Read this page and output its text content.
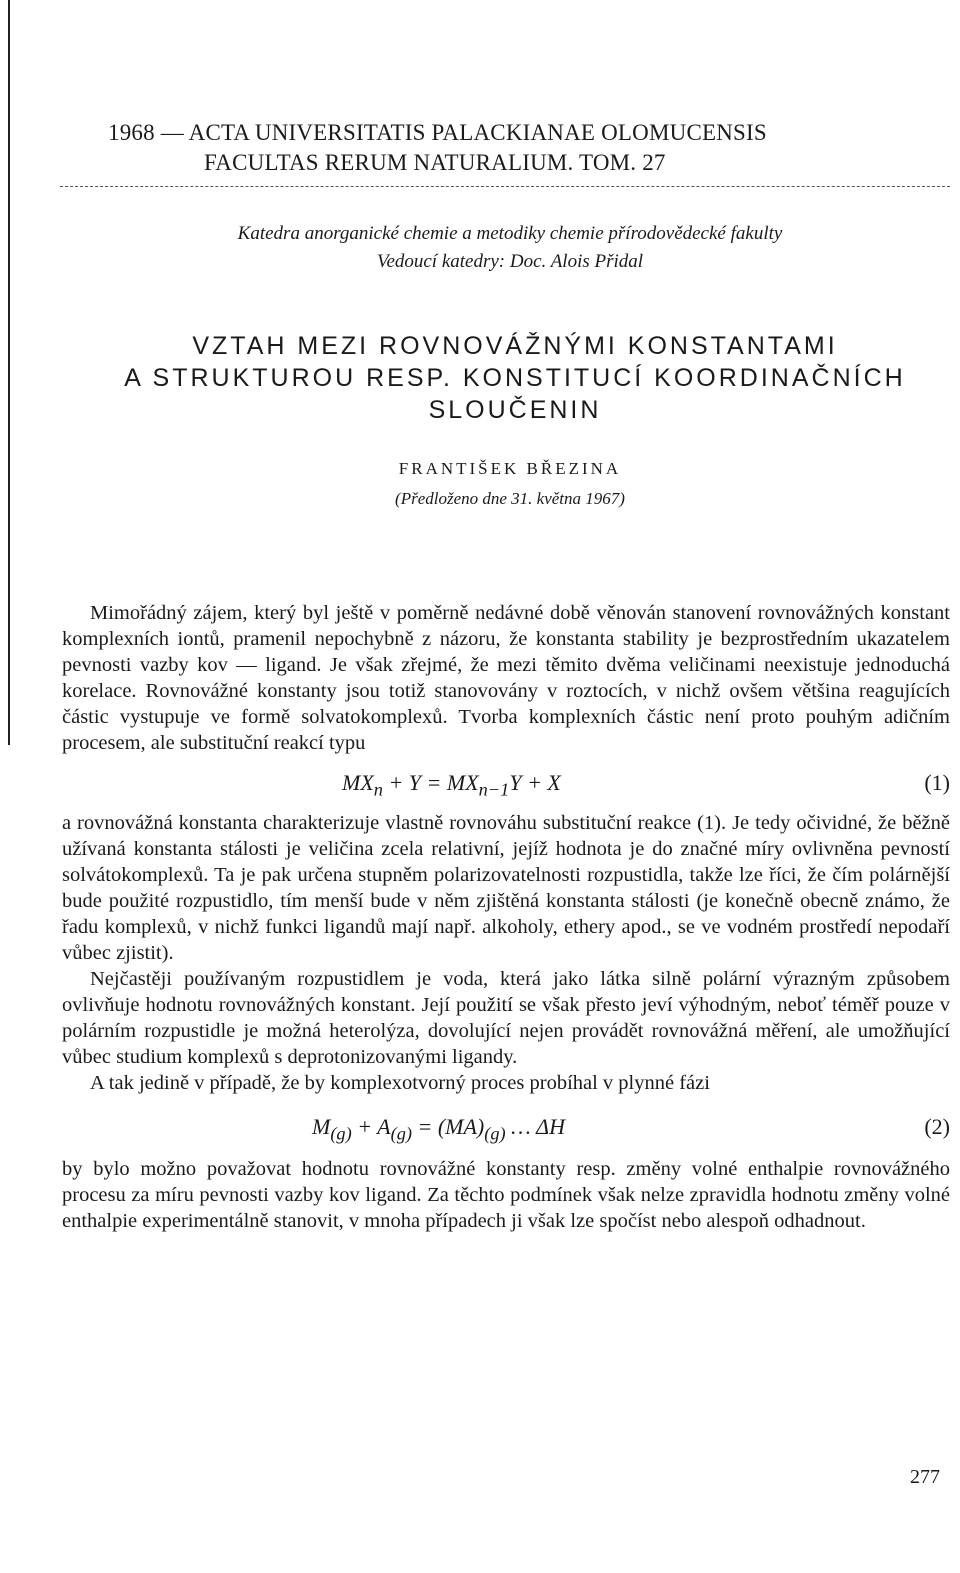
1968 — ACTA UNIVERSITATIS PALACKIANAE OLOMUCENSIS
FACULTAS RERUM NATURALIUM. TOM. 27
Katedra anorganické chemie a metodiky chemie přírodovědecké fakulty
Vedoucí katedry: Doc. Alois Přidal
VZTAH MEZI ROVNOVÁŽNÝMI KONSTANTAMI
A STRUKTUROU RESP. KONSTITUCÍ KOORDINAČNÍCH
SLOUČENIN
FRANTIŠEK BŘEZINA
(Předloženo dne 31. května 1967)

Mimořádný zájem, který byl ještě v poměrně nedávné době věnován stanovení rovnovážných konstant komplexních iontů, pramenil nepochybně z názoru, že konstanta stability je bezprostředním ukazatelem pevnosti vazby kov — ligand. Je však zřejmé, že mezi těmito dvěma veličinami neexistuje jednoduchá korelace. Rovnovážné konstanty jsou totiž stanovovány v roztocích, v nichž ovšem většina reagujících částic vystupuje ve formě solvatokomplexů. Tvorba komplexních částic není proto pouhým adičním procesem, ale substituční reakcí typu

$MX_n + Y = MX_{n-1}Y + X$	(1)

a rovnovážná konstanta charakterizuje vlastně rovnováhu substituční reakce (1). Je tedy očividné, že běžně užívaná konstanta stálosti je veličina zcela relativní, jejíž hodnota je do značné míry ovlivněna pevností solvátokomplexů. Ta je pak určena stupněm polarizovatelnosti rozpustidla, takže lze říci, že čím polárnější bude použité rozpustidlo, tím menší bude v něm zjištěná konstanta stálosti (je konečně obecně známo, že řadu komplexů, v nichž funkci ligandů mají např. alkoholy, ethery apod., se ve vodném prostředí nepodaří vůbec zjistit).

Nejčastěji používaným rozpustidlem je voda, která jako látka silně polární výrazným způsobem ovlivňuje hodnotu rovnovážných konstant. Její použití se však přesto jeví výhodným, neboť téměř pouze v polárním rozpustidle je možná heterolýza, dovolující nejen provádět rovnovážná měření, ale umožňující vůbec studium komplexů s deprotonizovanými ligandy.

A tak jedině v případě, že by komplexotvorný proces probíhal v plynné fázi

$M_{(g)} + A_{(g)} = (MA)_{(g)}$ … ΔH	(2)

by bylo možno považovat hodnotu rovnovážné konstanty resp. změny volné enthalpie rovnovážného procesu za míru pevnosti vazby kov ligand. Za těchto podmínek však nelze zpravidla hodnotu změny volné enthalpie experimentálně stanovit, v mnoha případech ji však lze spočíst nebo alespoň odhadnout.

277
